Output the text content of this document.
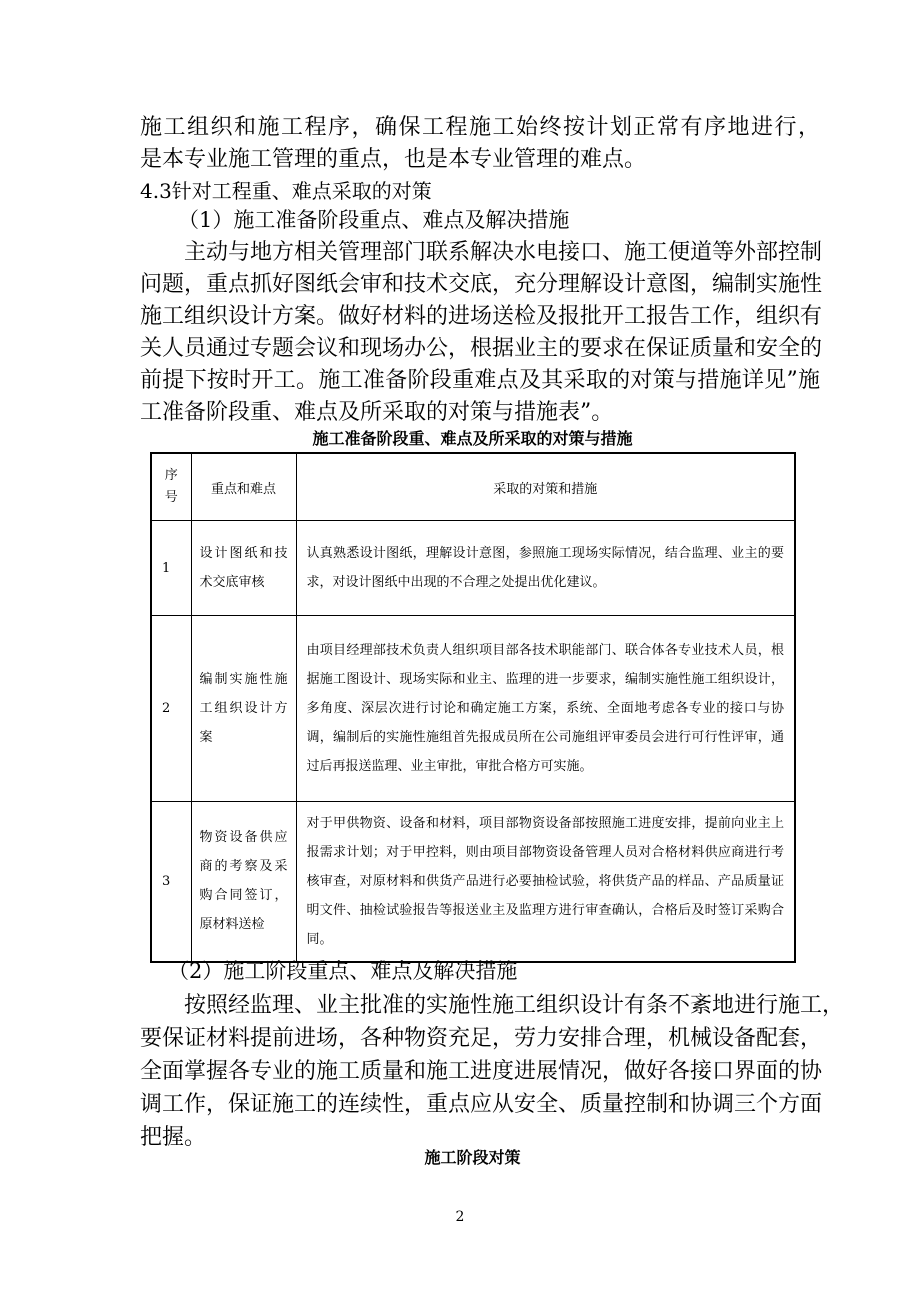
施工组织和施工程序，确保工程施工始终按计划正常有序地进行，

是本专业施工管理的重点，也是本专业管理的难点。

4.3针对工程重、难点采取的对策

（1）施工准备阶段重点、难点及解决措施

主动与地方相关管理部门联系解决水电接口、施工便道等外部控制

问题，重点抓好图纸会审和技术交底，充分理解设计意图，编制实施性

施工组织设计方案。做好材料的进场送检及报批开工报告工作，组织有

关人员通过专题会议和现场办公，根据业主的要求在保证质量和安全的

前提下按时开工。施工准备阶段重难点及其采取的对策与措施详见”施

工准备阶段重、难点及所采取的对策与措施表”。

施工准备阶段重、难点及所采取的对策与措施

序号	重点和难点	采取的对策和措施
1	设计图纸和技术交底审核	认真熟悉设计图纸，理解设计意图，参照施工现场实际情况，结合监理、业主的要求，对设计图纸中出现的不合理之处提出优化建议。
2	编制实施性施工组织设计方案	由项目经理部技术负责人组织项目部各技术职能部门、联合体各专业技术人员，根据施工图设计、现场实际和业主、监理的进一步要求，编制实施性施工组织设计，多角度、深层次进行讨论和确定施工方案，系统、全面地考虑各专业的接口与协调，编制后的实施性施组首先报成员所在公司施组评审委员会进行可行性评审，通过后再报送监理、业主审批，审批合格方可实施。
3	物资设备供应商的考察及采购合同签订，原材料送检	对于甲供物资、设备和材料，项目部物资设备部按照施工进度安排，提前向业主上报需求计划；对于甲控料，则由项目部物资设备管理人员对合格材料供应商进行考核审查，对原材料和供货产品进行必要抽检试验，将供货产品的样品、产品质量证明文件、抽检试验报告等报送业主及监理方进行审查确认，合格后及时签订采购合同。

（2）施工阶段重点、难点及解决措施

按照经监理、业主批准的实施性施工组织设计有条不紊地进行施工，

要保证材料提前进场，各种物资充足，劳力安排合理，机械设备配套，

全面掌握各专业的施工质量和施工进度进展情况，做好各接口界面的协

调工作，保证施工的连续性，重点应从安全、质量控制和协调三个方面

把握。

施工阶段对策

2
